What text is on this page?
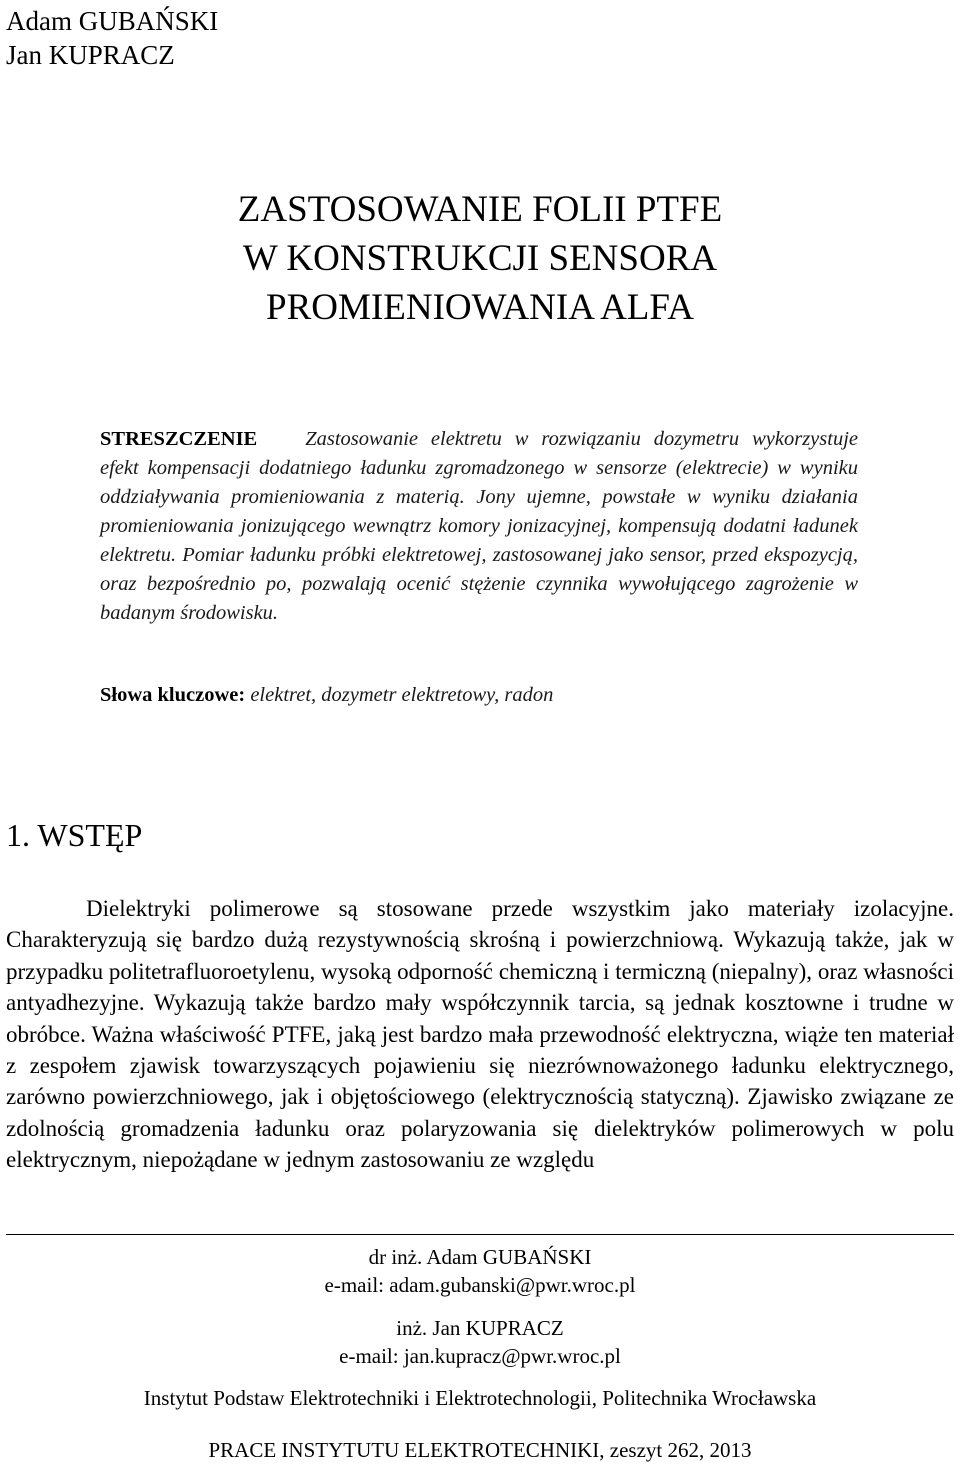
Adam GUBAŃSKI
Jan KUPRACZ
ZASTOSOWANIE FOLII PTFE
W KONSTRUKCJI SENSORA
PROMIENIOWANIA ALFA
STRESZCZENIE Zastosowanie elektretu w rozwiązaniu dozymetru wykorzystuje efekt kompensacji dodatniego ładunku zgromadzonego w sensorze (elektrecie) w wyniku oddziaływania promieniowania z materią. Jony ujemne, powstałe w wyniku działania promieniowania jonizującego wewnątrz komory jonizacyjnej, kompensują dodatni ładunek elektretu. Pomiar ładunku próbki elektretowej, zastosowanej jako sensor, przed ekspozycją, oraz bezpośrednio po, pozwalają ocenić stężenie czynnika wywołującego zagrożenie w badanym środowisku.
Słowa kluczowe: elektret, dozymetr elektretowy, radon
1. WSTĘP
Dielektryki polimerowe są stosowane przede wszystkim jako materiały izolacyjne. Charakteryzują się bardzo dużą rezystywnością skrośną i powierzchniową. Wykazują także, jak w przypadku politetrafluoroetylenu, wysoką odporność chemiczną i termiczną (niepalny), oraz własności antyadhezyjne. Wykazują także bardzo mały współczynnik tarcia, są jednak kosztowne i trudne w obróbce. Ważna właściwość PTFE, jaką jest bardzo mała przewodność elektryczna, wiąże ten materiał z zespołem zjawisk towarzyszących pojawieniu się niezrównoważonego ładunku elektrycznego, zarówno powierzchniowego, jak i objętościowego (elektrycznością statyczną). Zjawisko związane ze zdolnością gromadzenia ładunku oraz polaryzowania się dielektryków polimerowych w polu elektrycznym, niepożądane w jednym zastosowaniu ze względu
dr inż. Adam GUBAŃSKI
e-mail: adam.gubanski@pwr.wroc.pl
inż. Jan KUPRACZ
e-mail: jan.kupracz@pwr.wroc.pl
Instytut Podstaw Elektrotechniki i Elektrotechnologii, Politechnika Wrocławska
PRACE INSTYTUTU ELEKTROTECHNIKI, zeszyt 262, 2013
